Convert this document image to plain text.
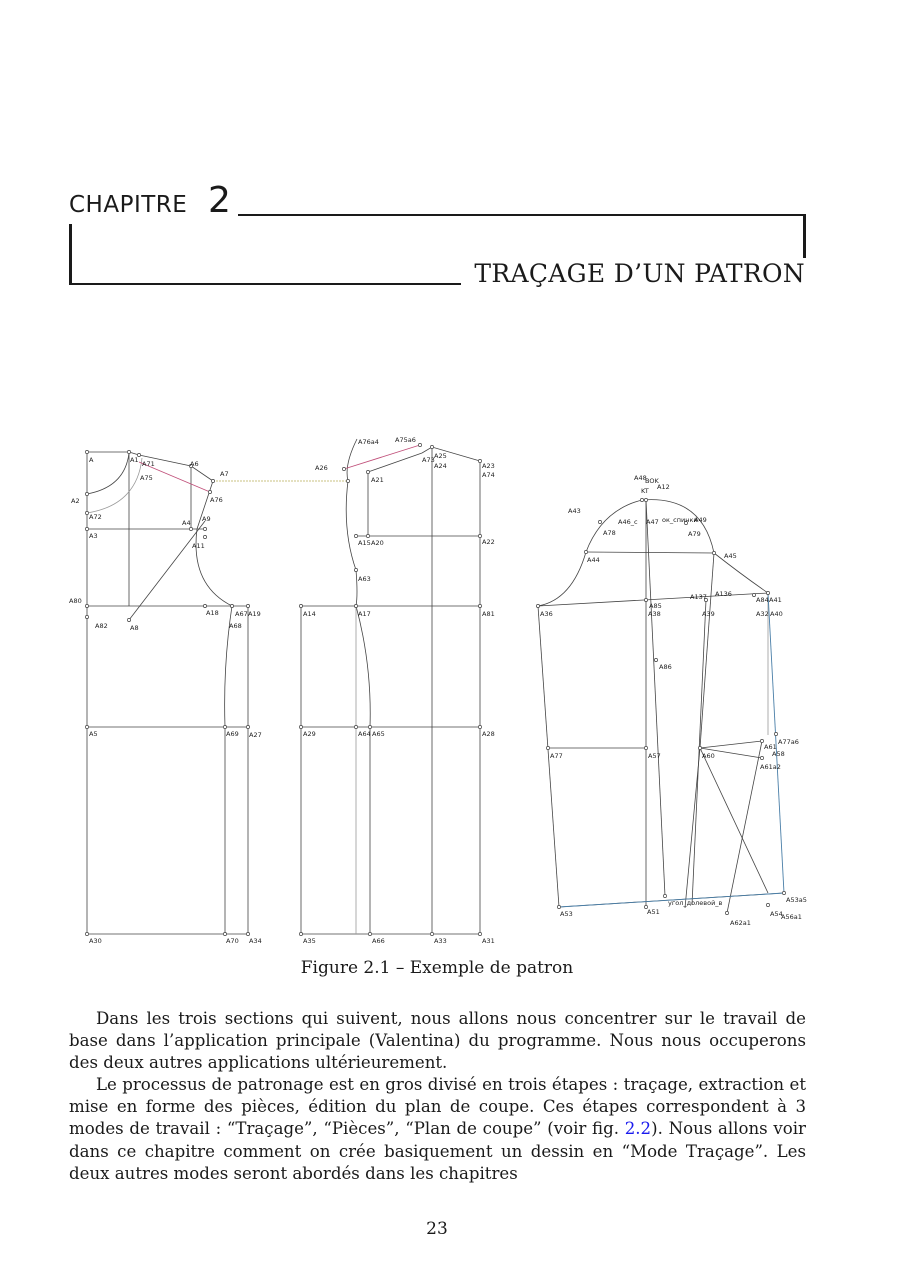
CHAPITRE 2
TRAÇAGE D’UN PATRON
A	A1 A71	A6
A7
A75
A76
A2
A72	A9
A4
A3
A11
A80
A82	A8
A18	A67 A19
A68
A5	A69 A27
A30	A70 A34
A76a4 A75a6
A25
A26
A73
A24	A23
A74
A21
A15 A20	A22
A63
A14	A17	A81
A29	A64 A65	A28
A35	A66	A33	A31
A48
BOK
A12
KT
A43
A46_с A47 ок_спинки
A49
A78	A79
A44	A45
A137 A136
A84 A41
A36
A85
A38	A39	A32 A40
A86
A77a6
A61
A58
A61a2
A77	A57	A60
угол_долевой_в	A53a5
A53	A51	A54
A56a1
A62a1
Figure 2.1 – Exemple de patron

Dans les trois sections qui suivent, nous allons nous concentrer sur le travail de base dans l’application principale (Valentina) du programme. Nous nous occuperons des deux autres applications ultérieurement.

Le processus de patronage est en gros divisé en trois étapes : traçage, extraction et mise en forme des pièces, édition du plan de coupe. Ces étapes correspondent à 3 modes de travail : “Traçage”, “Pièces”, “Plan de coupe” (voir fig. 2.2). Nous allons voir dans ce chapitre comment on crée basiquement un dessin en “Mode Traçage”. Les deux autres modes seront abordés dans les chapitres

23
